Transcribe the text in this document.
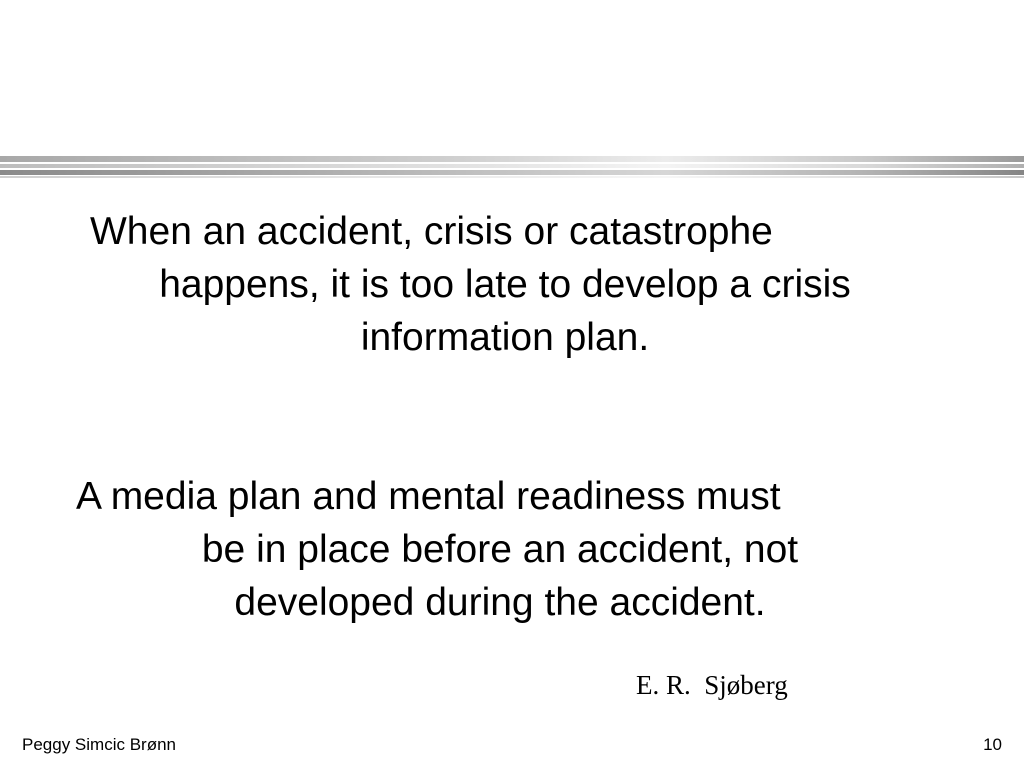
When an accident, crisis or catastrophe
happens, it is too late to develop a crisis
information plan.

A media plan and mental readiness must
be in place before an accident, not
developed during the accident.

E. R.  Sjøberg
Peggy Simcic Brønn	10
